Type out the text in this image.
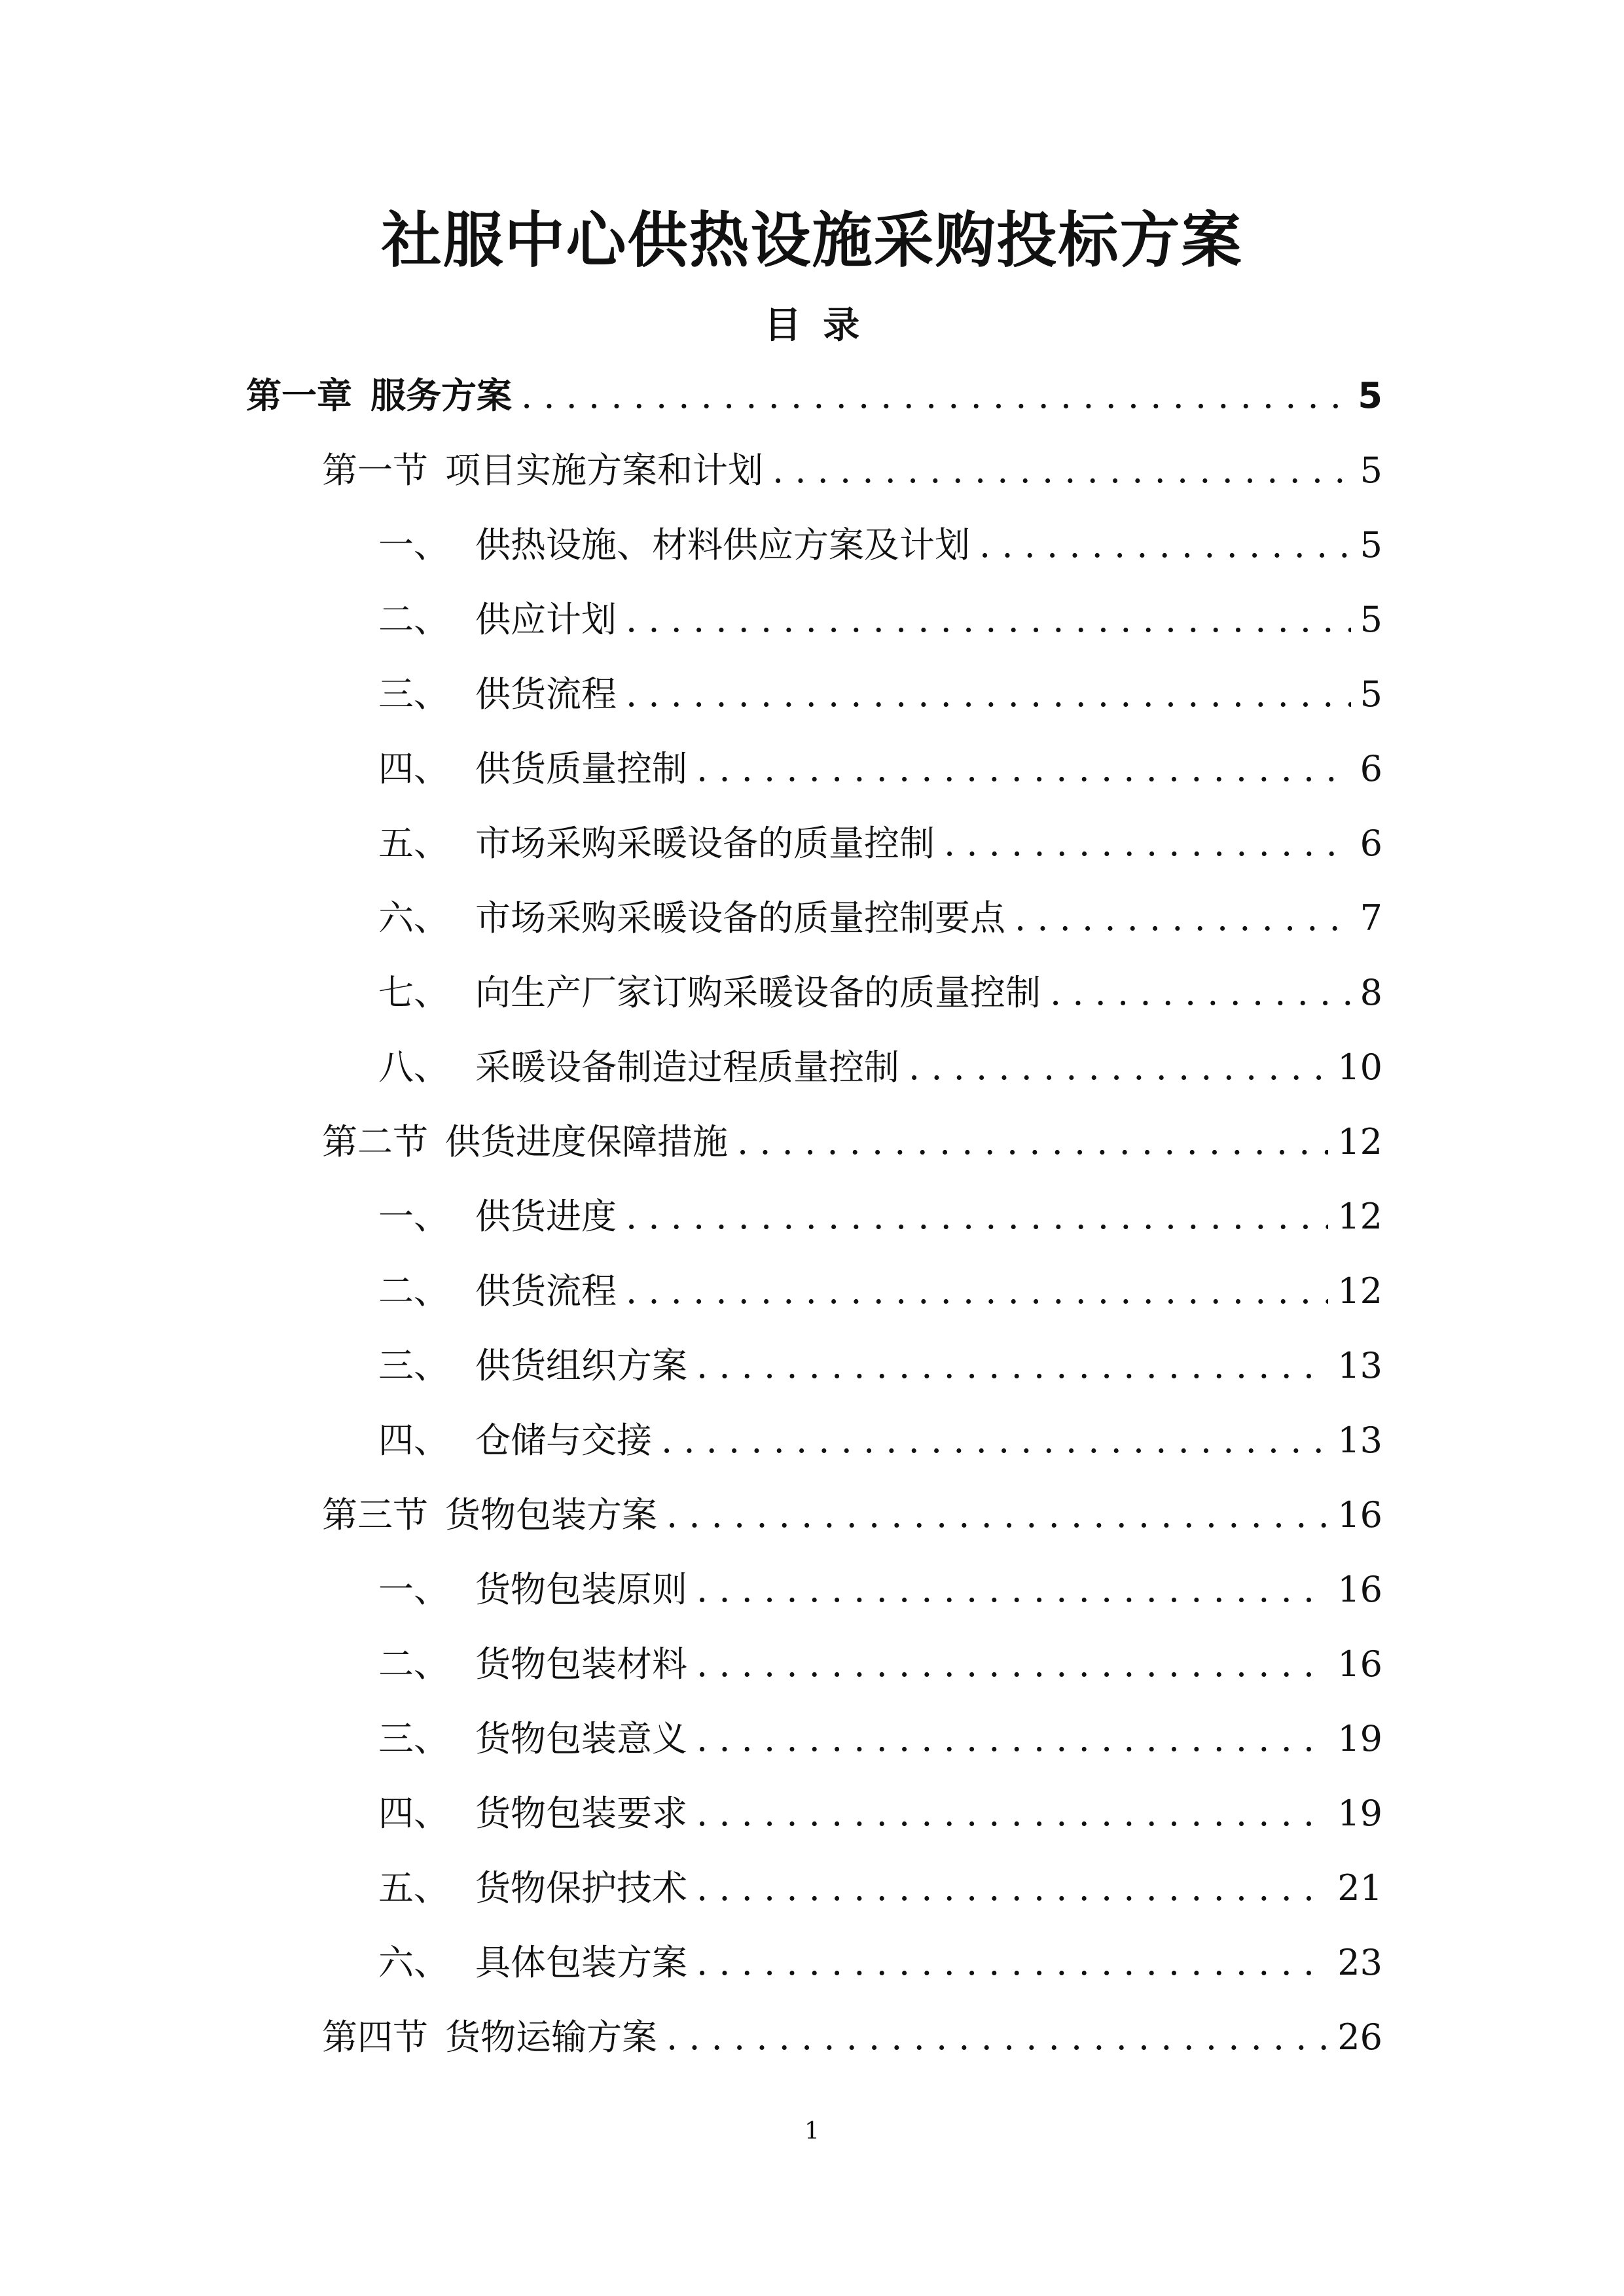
社服中心供热设施采购投标方案
目 录
第一章 服务方案 . . .	5
第一节 项目实施方案和计划 . . .	5
一、 供热设施、材料供应方案及计划 . . .	5
二、 供应计划 . . .	5
三、 供货流程 . . .	5
四、 供货质量控制 . . .	6
五、 市场采购采暖设备的质量控制 . . .	6
六、 市场采购采暖设备的质量控制要点 . . .	7
七、 向生产厂家订购采暖设备的质量控制 . . .	8
八、 采暖设备制造过程质量控制 . . .	10
第二节 供货进度保障措施 . . .	12
一、 供货进度 . . .	12
二、 供货流程 . . .	12
三、 供货组织方案 . . .	13
四、 仓储与交接 . . .	13
第三节 货物包装方案 . . .	16
一、 货物包装原则 . . .	16
二、 货物包装材料 . . .	16
三、 货物包装意义 . . .	19
四、 货物包装要求 . . .	19
五、 货物保护技术 . . .	21
六、 具体包装方案 . . .	23
第四节 货物运输方案 . . .	26
1
